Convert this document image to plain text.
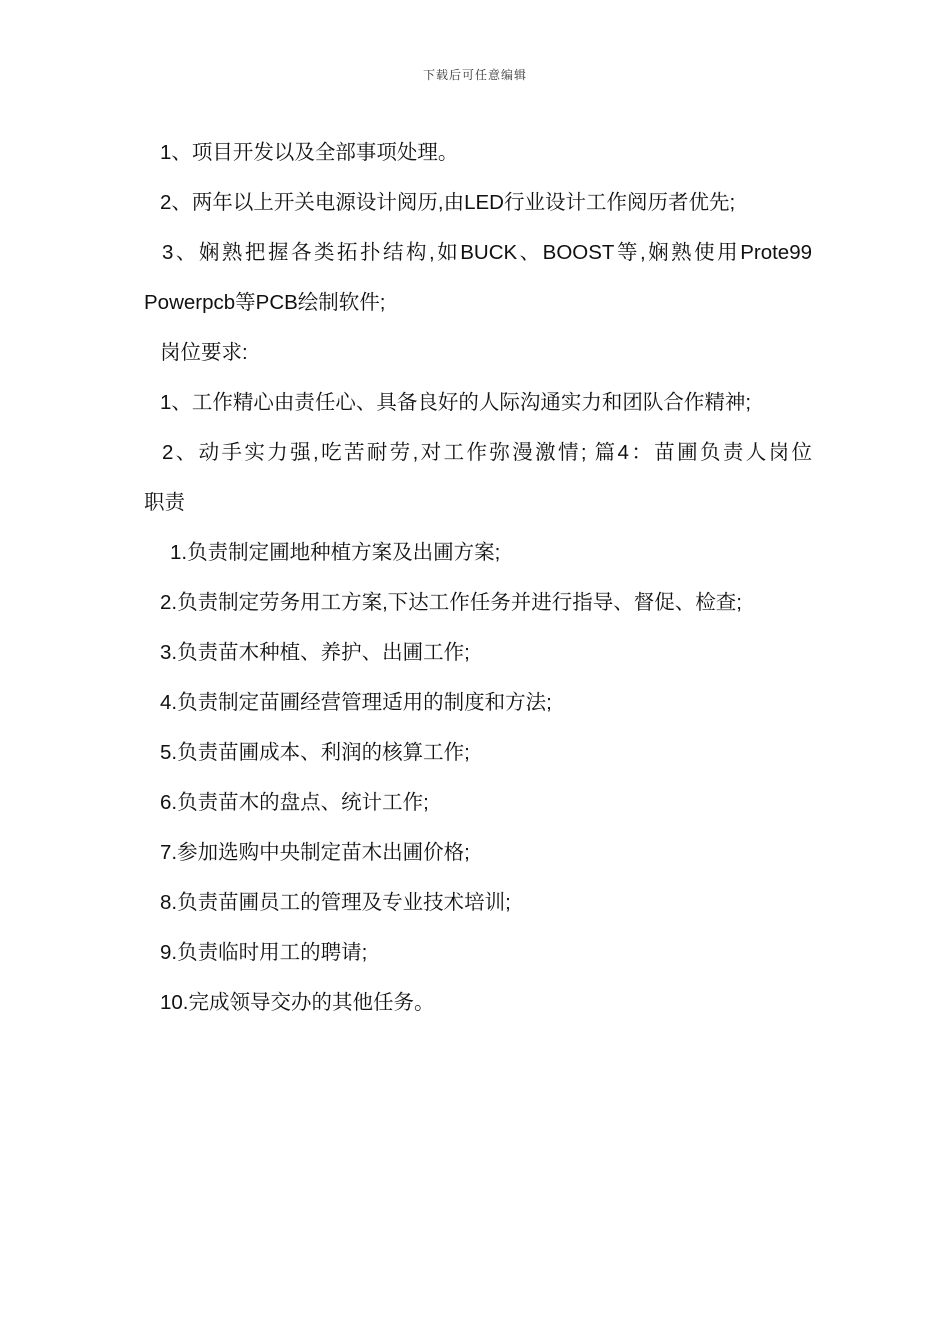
下载后可任意编辑

1、项目开发以及全部事项处理。

2、两年以上开关电源设计阅历,由LED行业设计工作阅历者优先;

3、娴熟把握各类拓扑结构,如BUCK、BOOST等,娴熟使用Prote99

Powerpcb等PCB绘制软件;

岗位要求:

1、工作精心由责任心、具备良好的人际沟通实力和团队合作精神;

2、动手实力强,吃苦耐劳,对工作弥漫激情; 篇4：苗圃负责人岗位

职责

1.负责制定圃地种植方案及出圃方案;

2.负责制定劳务用工方案,下达工作任务并进行指导、督促、检查;

3.负责苗木种植、养护、出圃工作;

4.负责制定苗圃经营管理适用的制度和方法;

5.负责苗圃成本、利润的核算工作;

6.负责苗木的盘点、统计工作;

7.参加选购中央制定苗木出圃价格;

8.负责苗圃员工的管理及专业技术培训;

9.负责临时用工的聘请;

10.完成领导交办的其他任务。
